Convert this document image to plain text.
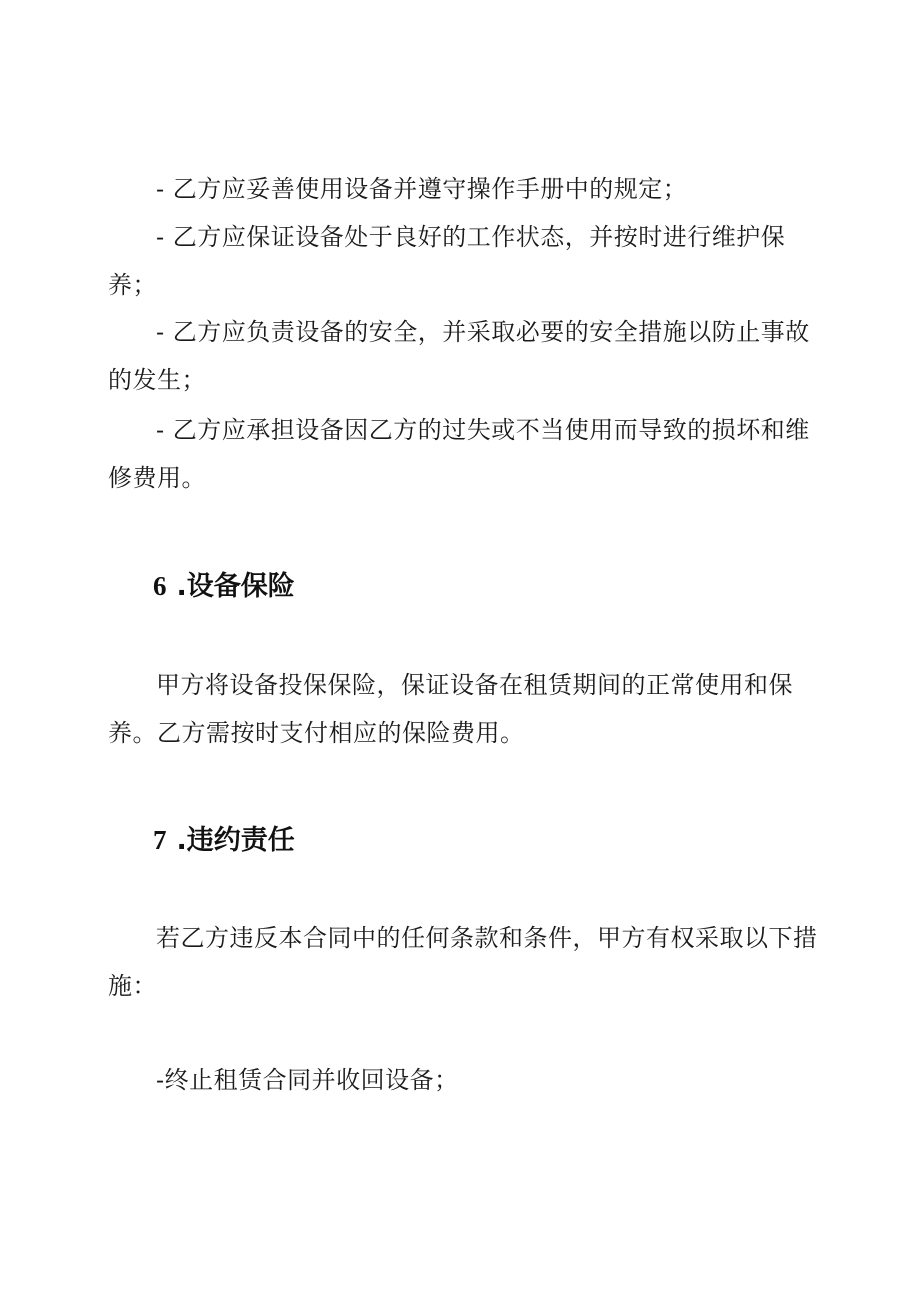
- 乙方应妥善使用设备并遵守操作手册中的规定；

- 乙方应保证设备处于良好的工作状态，并按时进行维护保养；

- 乙方应负责设备的安全，并采取必要的安全措施以防止事故的发生；

- 乙方应承担设备因乙方的过失或不当使用而导致的损坏和维修费用。

6 .设备保险

甲方将设备投保保险，保证设备在租赁期间的正常使用和保养。乙方需按时支付相应的保险费用。

7 .违约责任

若乙方违反本合同中的任何条款和条件，甲方有权采取以下措施：

-终止租赁合同并收回设备；
